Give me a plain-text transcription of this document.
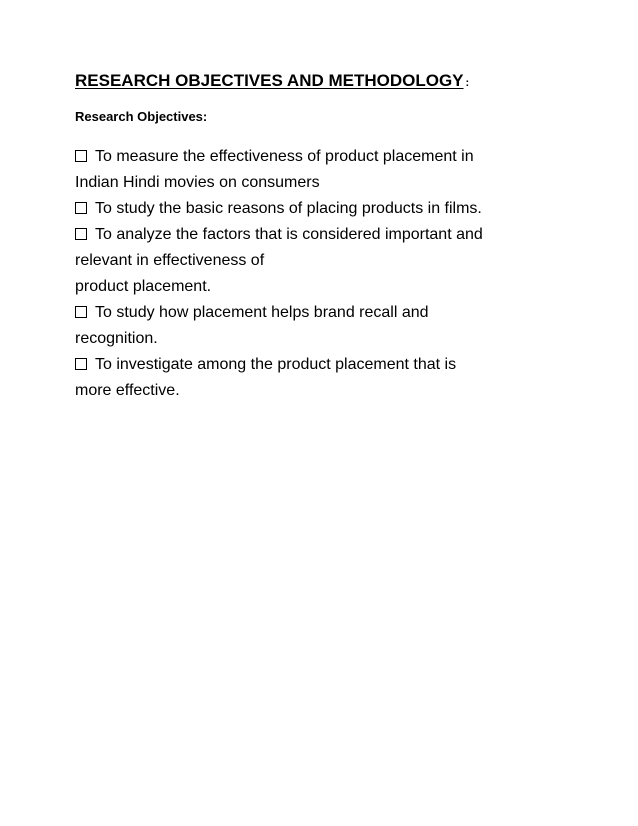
RESEARCH OBJECTIVES AND METHODOLOGY :
Research Objectives:
To measure the effectiveness of product placement in
Indian Hindi movies on consumers
To study the basic reasons of placing products in films.
To analyze the factors that is considered important and
relevant in effectiveness of
product placement.
To study how placement helps brand recall and
recognition.
To investigate among the product placement that is
more effective.
